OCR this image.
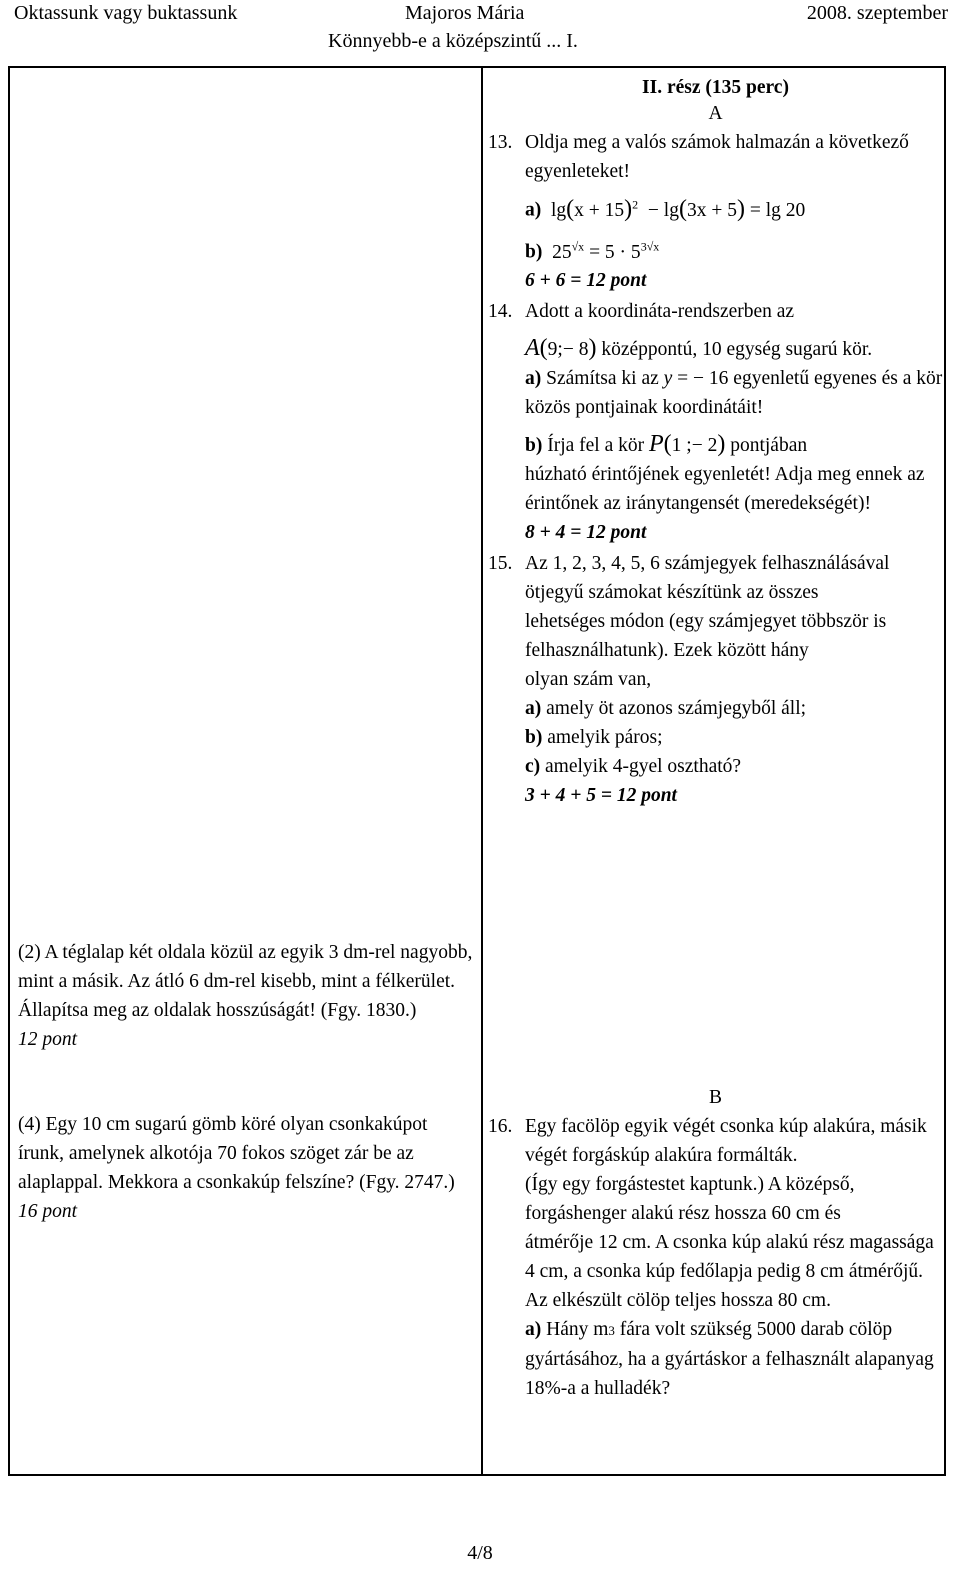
Oktassunk vagy buktassunk	Majoros Mária	2008. szeptember
Könnyebb-e a középszintű ... I.

(2) A téglalap két oldala közül az egyik 3 dm-rel nagyobb, mint a másik. Az átló 6 dm-rel kisebb, mint a félkerület. Állapítsa meg az oldalak hosszúságát! (Fgy. 1830.)

12 pont

(4) Egy 10 cm sugarú gömb köré olyan csonkakúpot írunk, amelynek alkotója 70 fokos szöget zár be az alaplappal. Mekkora a csonkakúp felszíne? (Fgy. 2747.)

16 pont

II. rész (135 perc)

A

13. Oldja meg a valós számok halmazán a következő egyenleteket!
a)  $\lg(x + 15)^2 - \lg(3x + 5) = \lg 20$
b)  $25^{√x} = 5 \cdot 5^{3√x}$

6 + 6 = 12 pont

14. Adott a koordináta-rendszerben az
A(9;− 8) középpontú, 10 egység sugarú kör.
a) Számítsa ki az y = − 16 egyenletű egyenes és a kör közös pontjainak koordinátáit!
b) Írja fel a kör P(1 ;− 2) pontjában
húzható érintőjének egyenletét! Adja meg ennek az érintőnek az iránytangensét (meredekségét)!

8 + 4 = 12 pont

15. Az 1, 2, 3, 4, 5, 6 számjegyek felhasználásával ötjegyű számokat készítünk az összes

lehetséges módon (egy számjegyet többször is felhasználhatunk). Ezek között hány

olyan szám van,

a) amely öt azonos számjegyből áll;
b) amelyik páros;
c) amelyik 4-gyel osztható?

3 + 4 + 5 = 12 pont

B

16. Egy facölöp egyik végét csonka kúp alakúra, másik végét forgáskúp alakúra formálták.

(Így egy forgástestet kaptunk.) A középső, forgáshenger alakú rész hossza 60 cm és

átmérője 12 cm. A csonka kúp alakú rész magassága 4 cm, a csonka kúp fedőlapja pedig 8 cm átmérőjű. Az elkészült cölöp teljes hossza 80 cm.

a) Hány m3 fára volt szükség 5000 darab cölöp gyártásához, ha a gyártáskor a felhasznált alapanyag 18%-a a hulladék?
4/8
